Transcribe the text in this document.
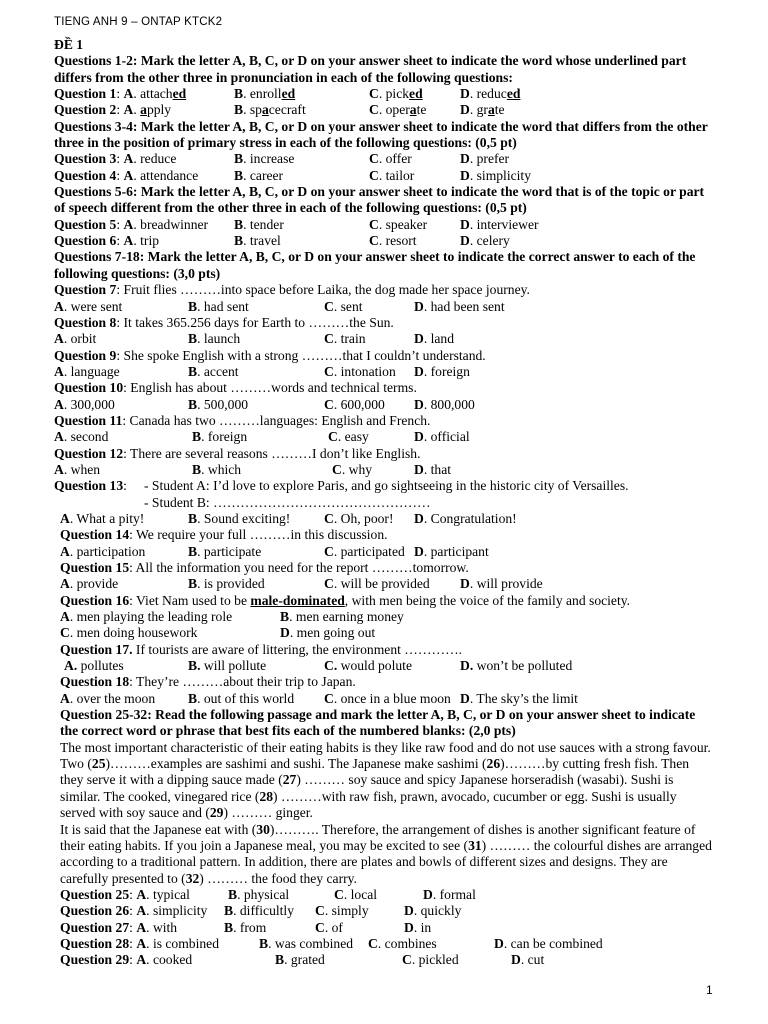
TIENG ANH 9 – ONTAP KTCK2
ĐỀ 1
Questions 1-2: Mark the letter A, B, C, or D on your answer sheet to indicate the word whose underlined part differs from the other three in pronunciation in each of the following questions:
Question 1: A. attached	B. enrolled	C. picked	D. reduced
Question 2: A. apply	B. spacecraft	C. operate D. grate
Questions 3-4: Mark the letter A, B, C, or D on your answer sheet to indicate the word that differs from the other three in the position of primary stress in each of the following questions: (0,5 pt)
Question 3: A. reduce	B. increase	C. offer	D. prefer
Question 4: A. attendance	B. career	C. tailor	D. simplicity
Questions 5-6: Mark the letter A, B, C, or D on your answer sheet to indicate the word that is of the topic or part of speech different from the other three in each of the following questions: (0,5 pt)
Question 5: A. breadwinner B. tender	C. speaker D. interviewer
Question 6: A. trip	B. travel	C. resort	D. celery
Questions 7-18: Mark the letter A, B, C, or D on your answer sheet to indicate the correct answer to each of the following questions: (3,0 pts)
Question 7: Fruit flies ………into space before Laika, the dog made her space journey.
A. were sent	B. had sent	C. sent	D. had been sent
Question 8: It takes 365.256 days for Earth to ………the Sun.
A. orbit	B. launch	C. train	D. land
Question 9: She spoke English with a strong ………that I couldn’t understand.
A. language	B. accent	C. intonation D. foreign
Question 10: English has about ………words and technical terms.
A. 300,000	B. 500,000	C. 600,000 D. 800,000
Question 11: Canada has two ………languages: English and French.
A. second	B. foreign	C. easy	D. official
Question 12: There are several reasons ………I don’t like English.
A. when	B. which	C. why	D. that
Question 13: - Student A: I’d love to explore Paris, and go sightseeing in the historic city of Versailles.
- Student B: …………………………………………
A. What a pity!	B. Sound exciting! C. Oh, poor! D. Congratulation!
Question 14: We require your full ………in this discussion.
A. participation	B. participate	C. participated D. participant
Question 15: All the information you need for the report ………tomorrow.
A. provide	B. is provided	C. will be provided D. will provide
Question 16: Viet Nam used to be male-dominated, with men being the voice of the family and society.
A. men playing the leading role	B. men earning money
C. men doing housework	D. men going out
Question 17. If tourists are aware of littering, the environment ………….
A. pollutes	B. will pollute	C. would polute	D. won’t be polluted
Question 18: They’re ………about their trip to Japan.
A. over the moon B. out of this world C. once in a blue moon D. The sky’s the limit
Question 25-32: Read the following passage and mark the letter A, B, C, or D on your answer sheet to indicate the correct word or phrase that best fits each of the numbered blanks: (2,0 pts)
The most important characteristic of their eating habits is they like raw food and do not use sauces with a strong favour. Two (25)………examples are sashimi and sushi. The Japanese make sashimi (26)………by cutting fresh fish. Then they serve it with a dipping sauce made (27) ……… soy sauce and spicy Japanese horseradish (wasabi). Sushi is similar. The cooked, vinegared rice (28) ………with raw fish, prawn, avocado, cucumber or egg. Sushi is usually served with soy sauce and (29) ……… ginger.
It is said that the Japanese eat with (30)………. Therefore, the arrangement of dishes is another significant feature of their eating habits. If you join a Japanese meal, you may be excited to see (31) ……… the colourful dishes are arranged according to a traditional pattern. In addition, there are plates and bowls of different sizes and designs. They are carefully presented to (32) ……… the food they carry.
Question 25: A. typical	B. physical	C. local	D. formal
Question 26: A. simplicity B. difficultly C. simply	D. quickly
Question 27: A. with	B. from	C. of	D. in
Question 28: A. is combined	B. was combined C. combines	D. can be combined
Question 29: A. cooked	B. grated	C. pickled	D. cut
1
